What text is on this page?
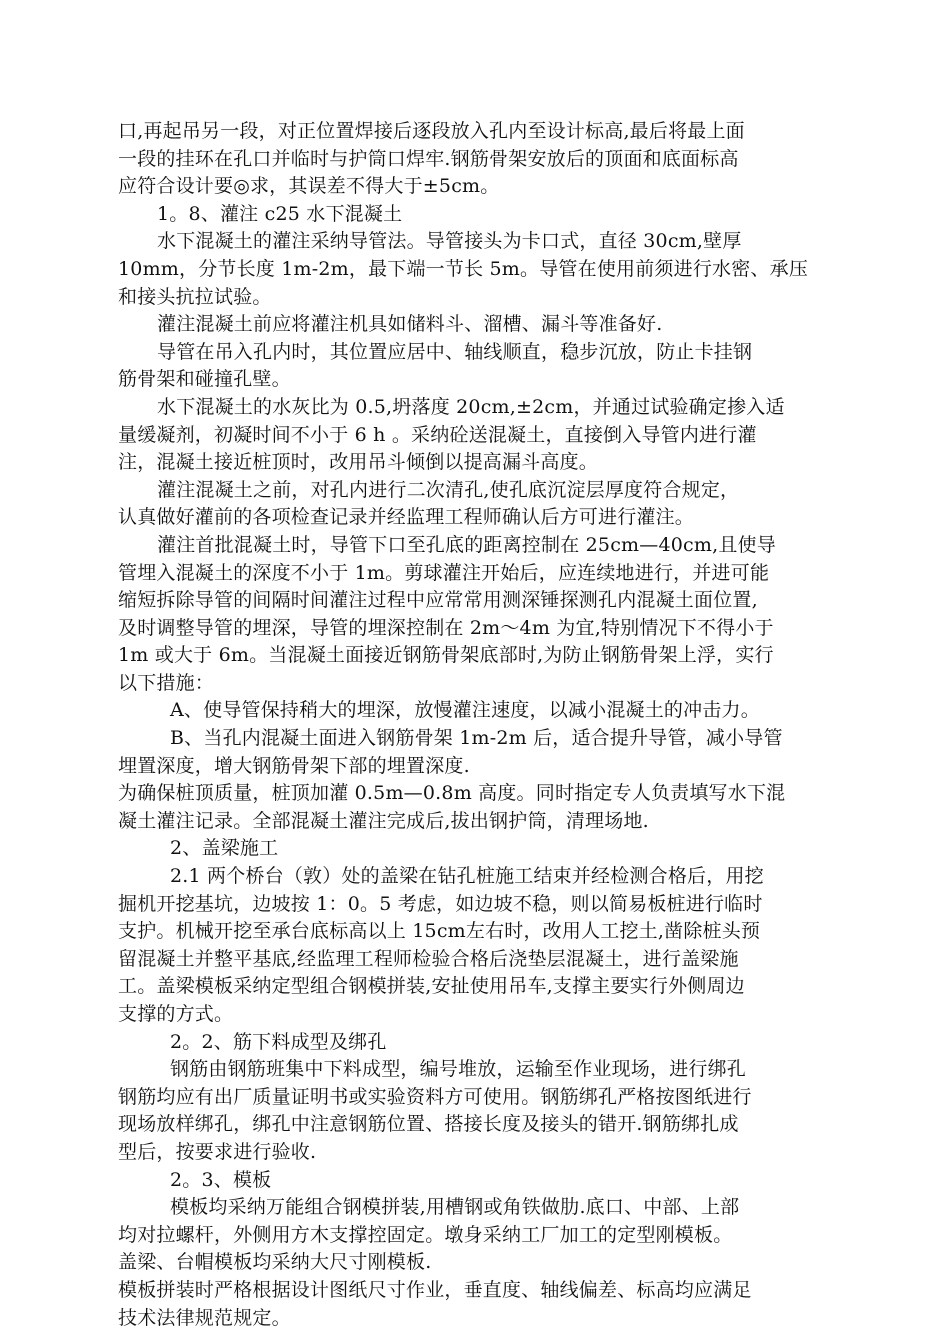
口,再起吊另一段，对正位置焊接后逐段放入孔内至设计标高,最后将最上面
一段的挂环在孔口并临时与护筒口焊牢.钢筋骨架安放后的顶面和底面标高
应符合设计要◎求，其误差不得大于±5cm。
1。8、灌注 c25 水下混凝土
水下混凝土的灌注采纳导管法。导管接头为卡口式，直径 30cm,壁厚
10mm，分节长度 1m-2m，最下端一节长 5m。导管在使用前须进行水密、承压
和接头抗拉试验。
灌注混凝土前应将灌注机具如储料斗、溜槽、漏斗等准备好.
导管在吊入孔内时，其位置应居中、轴线顺直，稳步沉放，防止卡挂钢
筋骨架和碰撞孔壁。
水下混凝土的水灰比为 0.5,坍落度 20cm,±2cm，并通过试验确定掺入适
量缓凝剂，初凝时间不小于 6 h 。采纳砼送混凝土，直接倒入导管内进行灌
注，混凝土接近桩顶时，改用吊斗倾倒以提高漏斗高度。
灌注混凝土之前，对孔内进行二次清孔,使孔底沉淀层厚度符合规定，
认真做好灌前的各项检查记录并经监理工程师确认后方可进行灌注。
灌注首批混凝土时，导管下口至孔底的距离控制在 25cm—40cm,且使导
管埋入混凝土的深度不小于 1m。剪球灌注开始后，应连续地进行，并进可能
缩短拆除导管的间隔时间灌注过程中应常常用测深锤探测孔内混凝土面位置,
及时调整导管的埋深，导管的埋深控制在 2m～4m 为宜,特别情况下不得小于
1m 或大于 6m。当混凝土面接近钢筋骨架底部时,为防止钢筋骨架上浮，实行
以下措施：
A、使导管保持稍大的埋深，放慢灌注速度，以减小混凝土的冲击力。
B、当孔内混凝土面进入钢筋骨架 1m-2m 后，适合提升导管，减小导管
埋置深度，增大钢筋骨架下部的埋置深度.
为确保桩顶质量，桩顶加灌 0.5m—0.8m 高度。同时指定专人负责填写水下混
凝土灌注记录。全部混凝土灌注完成后,拔出钢护筒，清理场地.
2、盖梁施工
2.1 两个桥台（敦）处的盖梁在钻孔桩施工结束并经检测合格后，用挖
掘机开挖基坑，边坡按 1：0。5 考虑，如边坡不稳，则以简易板桩进行临时
支护。机械开挖至承台底标高以上 15cm左右时，改用人工挖土,凿除桩头预
留混凝土并整平基底,经监理工程师检验合格后浇垫层混凝土，进行盖梁施
工。盖梁模板采纳定型组合钢模拼装,安扯使用吊车,支撑主要实行外侧周边
支撑的方式。
2。2、筋下料成型及绑孔
钢筋由钢筋班集中下料成型，编号堆放，运输至作业现场，进行绑孔
钢筋均应有出厂质量证明书或实验资料方可使用。钢筋绑孔严格按图纸进行
现场放样绑孔，绑孔中注意钢筋位置、搭接长度及接头的错开.钢筋绑扎成
型后，按要求进行验收.
2。3、模板
模板均采纳万能组合钢模拼装,用槽钢或角铁做肋.底口、中部、上部
均对拉螺杆，外侧用方木支撑控固定。墩身采纳工厂加工的定型刚模板。
盖梁、台帽模板均采纳大尺寸刚模板.
模板拼装时严格根据设计图纸尺寸作业，垂直度、轴线偏差、标高均应满足
技术法律规范规定。
